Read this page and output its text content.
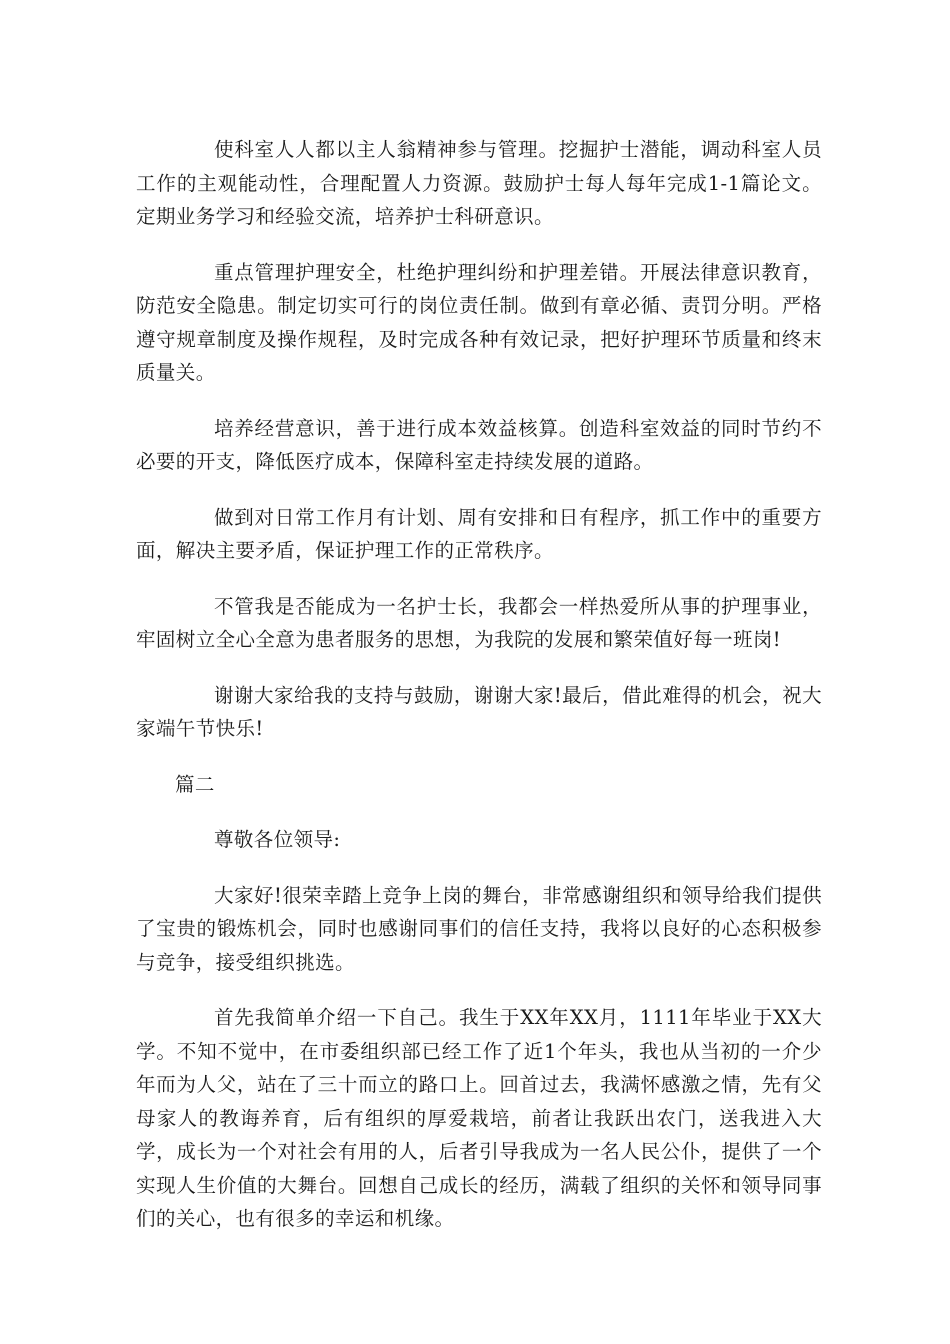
使科室人人都以主人翁精神参与管理。挖掘护士潜能，调动科室人员工作的主观能动性，合理配置人力资源。鼓励护士每人每年完成1-1篇论文。定期业务学习和经验交流，培养护士科研意识。

重点管理护理安全，杜绝护理纠纷和护理差错。开展法律意识教育，防范安全隐患。制定切实可行的岗位责任制。做到有章必循、责罚分明。严格遵守规章制度及操作规程，及时完成各种有效记录，把好护理环节质量和终末质量关。

培养经营意识，善于进行成本效益核算。创造科室效益的同时节约不必要的开支，降低医疗成本，保障科室走持续发展的道路。

做到对日常工作月有计划、周有安排和日有程序，抓工作中的重要方面，解决主要矛盾，保证护理工作的正常秩序。

不管我是否能成为一名护士长，我都会一样热爱所从事的护理事业，牢固树立全心全意为患者服务的思想，为我院的发展和繁荣值好每一班岗!

谢谢大家给我的支持与鼓励，谢谢大家!最后，借此难得的机会，祝大家端午节快乐!

篇二

尊敬各位领导:

大家好!很荣幸踏上竞争上岗的舞台，非常感谢组织和领导给我们提供了宝贵的锻炼机会，同时也感谢同事们的信任支持，我将以良好的心态积极参与竞争，接受组织挑选。

首先我简单介绍一下自己。我生于XX年XX月，1111年毕业于XX大学。不知不觉中，在市委组织部已经工作了近1个年头，我也从当初的一介少年而为人父，站在了三十而立的路口上。回首过去，我满怀感激之情，先有父母家人的教诲养育，后有组织的厚爱栽培，前者让我跃出农门，送我进入大学，成长为一个对社会有用的人，后者引导我成为一名人民公仆，提供了一个实现人生价值的大舞台。回想自己成长的经历，满载了组织的关怀和领导同事们的关心，也有很多的幸运和机缘。
